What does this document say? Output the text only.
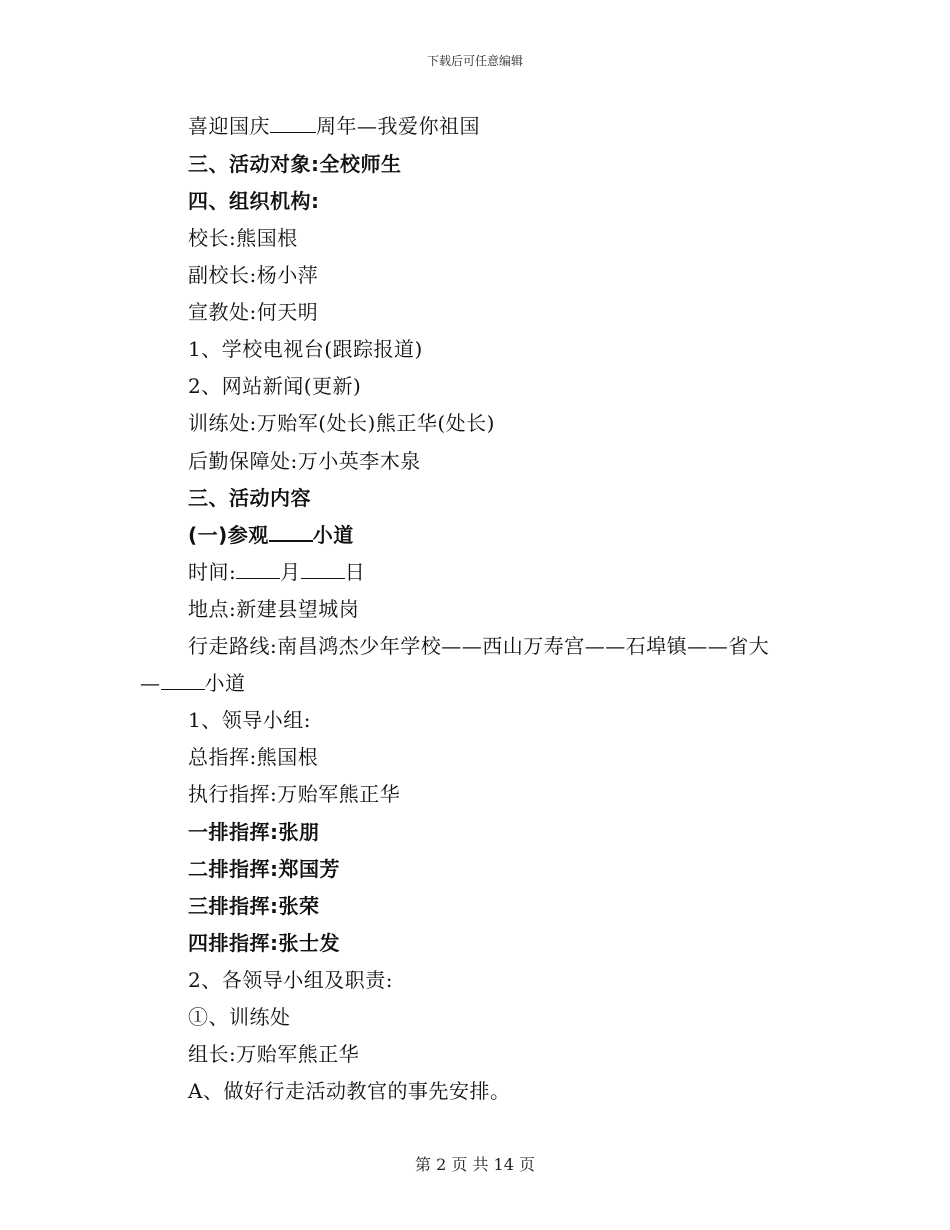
下载后可任意编辑
喜迎国庆 周年—我爱你祖国
三、活动对象:全校师生
四、组织机构:
校长:熊国根
副校长:杨小萍
宣教处:何天明
1、学校电视台(跟踪报道)
2、网站新闻(更新)
训练处:万贻军(处长)熊正华(处长)
后勤保障处:万小英李木泉
三、活动内容
(一)参观 小道
时间: 月 日
地点:新建县望城岗
行走路线:南昌鸿杰少年学校——西山万寿宫——石埠镇——省大
— 小道
1、领导小组:
总指挥:熊国根
执行指挥:万贻军熊正华
一排指挥:张朋
二排指挥:郑国芳
三排指挥:张荣
四排指挥:张士发
2、各领导小组及职责:
①、训练处
组长:万贻军熊正华
A、做好行走活动教官的事先安排。
第 2 页 共 14 页
